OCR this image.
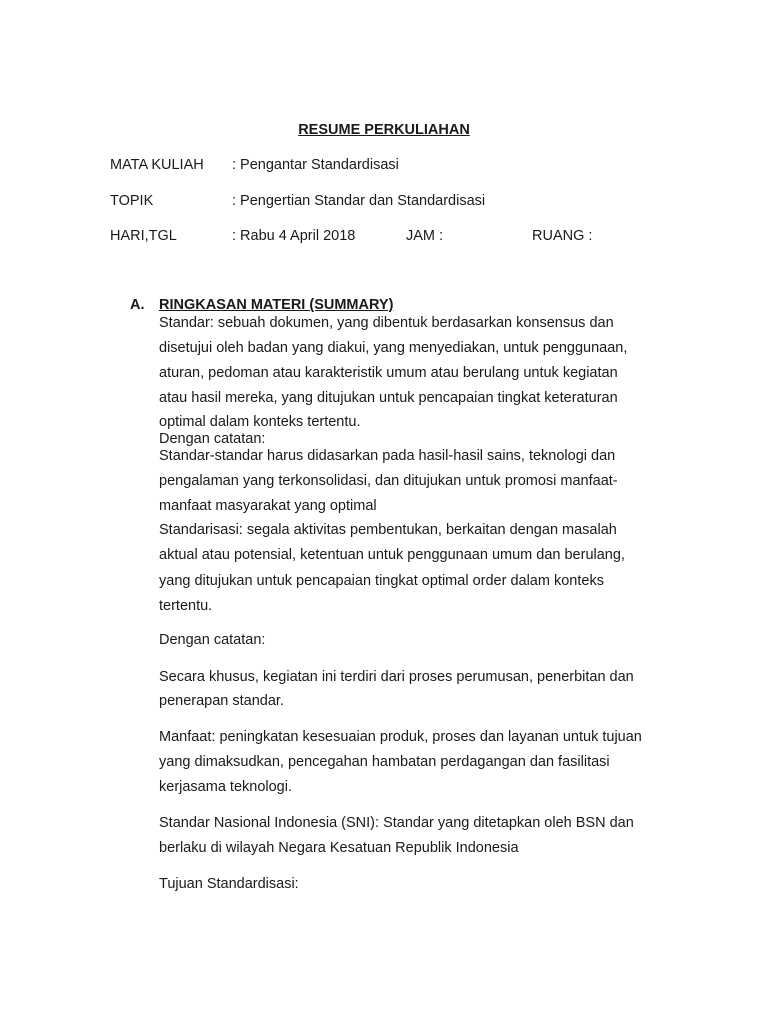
RESUME PERKULIAHAN
MATA KULIAH : Pengantar Standardisasi
TOPIK	: Pengertian Standar dan Standardisasi
HARI,TGL	: Rabu 4 April 2018	JAM :	RUANG :
A. RINGKASAN MATERI (SUMMARY)
Standar: sebuah dokumen, yang dibentuk berdasarkan konsensus dan
disetujui oleh badan yang diakui, yang menyediakan, untuk penggunaan,
aturan, pedoman atau karakteristik umum atau berulang untuk kegiatan
atau hasil mereka, yang ditujukan untuk pencapaian tingkat keteraturan
optimal dalam konteks tertentu.
Dengan catatan:
Standar-standar harus didasarkan pada hasil-hasil sains, teknologi dan
pengalaman yang terkonsolidasi, dan ditujukan untuk promosi manfaat-
manfaat masyarakat yang optimal
Standarisasi: segala aktivitas pembentukan, berkaitan dengan masalah
aktual atau potensial, ketentuan untuk penggunaan umum dan berulang,
yang ditujukan untuk pencapaian tingkat optimal order dalam konteks
tertentu.
Dengan catatan:
Secara khusus, kegiatan ini terdiri dari proses perumusan, penerbitan dan
penerapan standar.
Manfaat: peningkatan kesesuaian produk, proses dan layanan untuk tujuan
yang dimaksudkan, pencegahan hambatan perdagangan dan fasilitasi
kerjasama teknologi.
Standar Nasional Indonesia (SNI): Standar yang ditetapkan oleh BSN dan
berlaku di wilayah Negara Kesatuan Republik Indonesia
Tujuan Standardisasi:
